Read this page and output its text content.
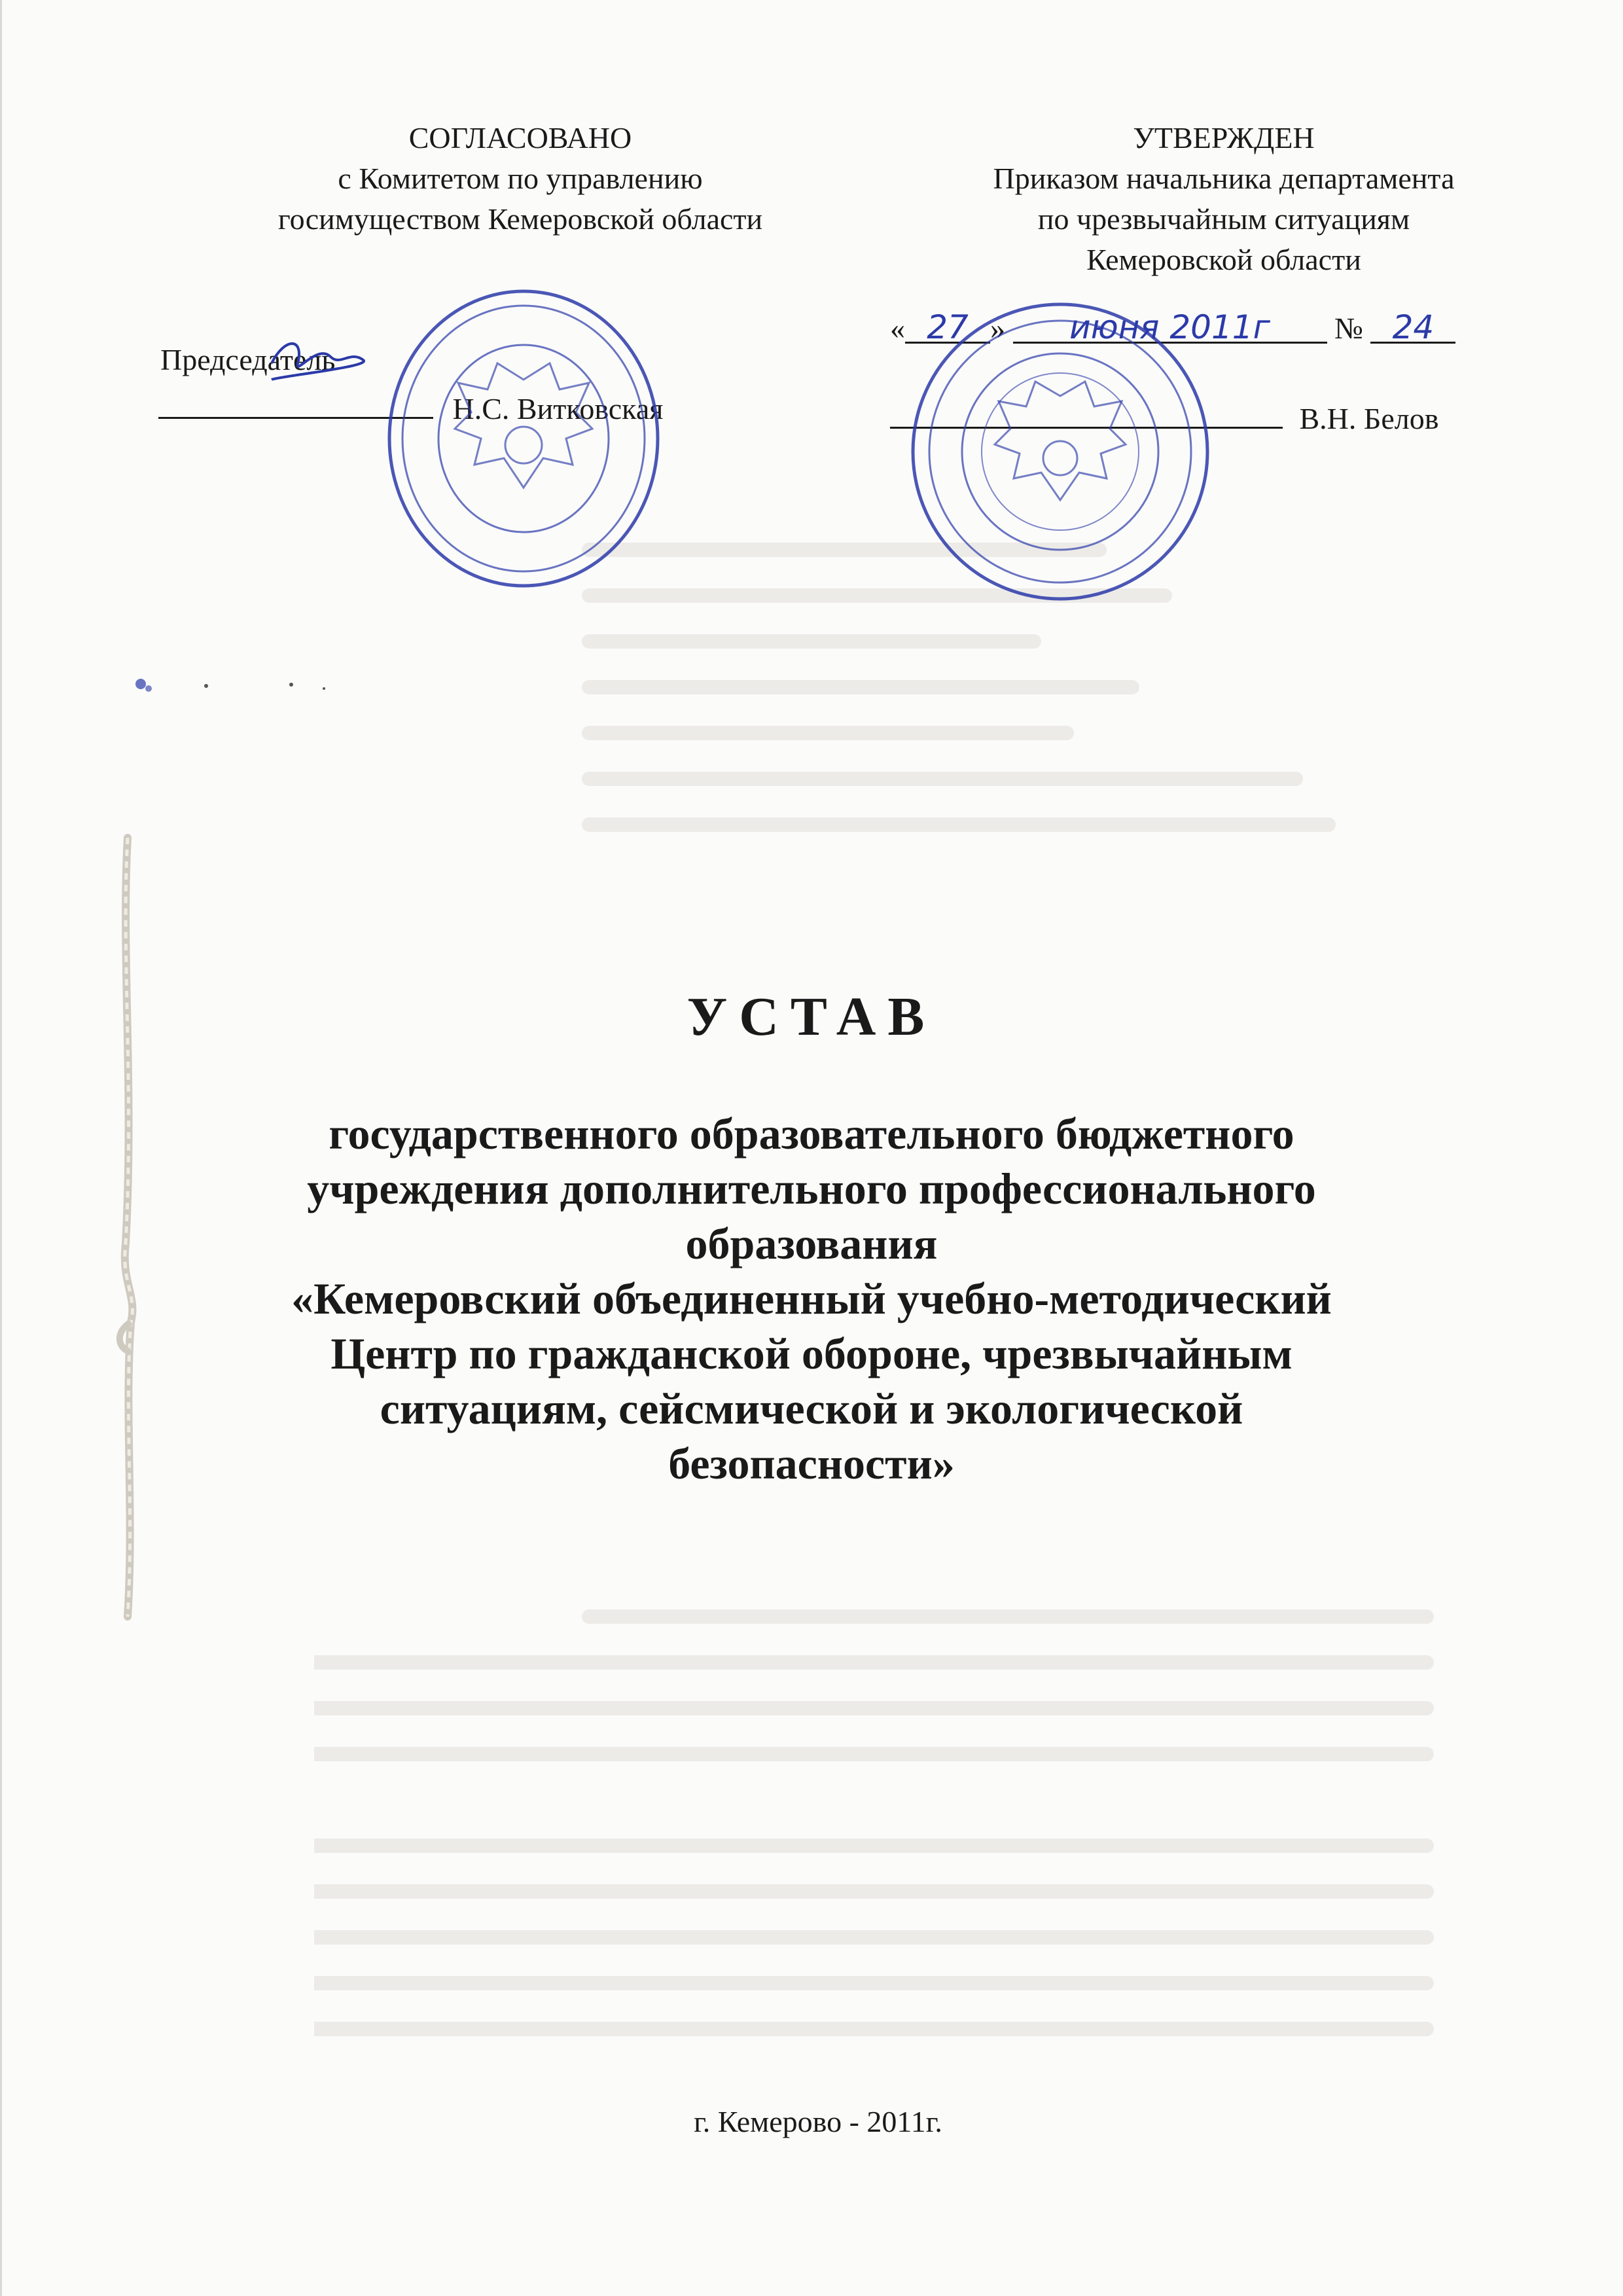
СОГЛАСОВАНО
с Комитетом по управлению
госимуществом Кемеровской области
Председатель
Н.С. Витковская
УТВЕРЖДЕН
Приказом начальника департамента
по чрезвычайным ситуациям
Кемеровской области
« 27 » июня 2011г № 24
В.Н. Белов
УСТАВ
государственного образовательного бюджетного
учреждения дополнительного профессионального
образования
«Кемеровский объединенный учебно-методический
Центр по гражданской обороне, чрезвычайным
ситуациям, сейсмической и экологической
безопасности»
г. Кемерово - 2011г.
